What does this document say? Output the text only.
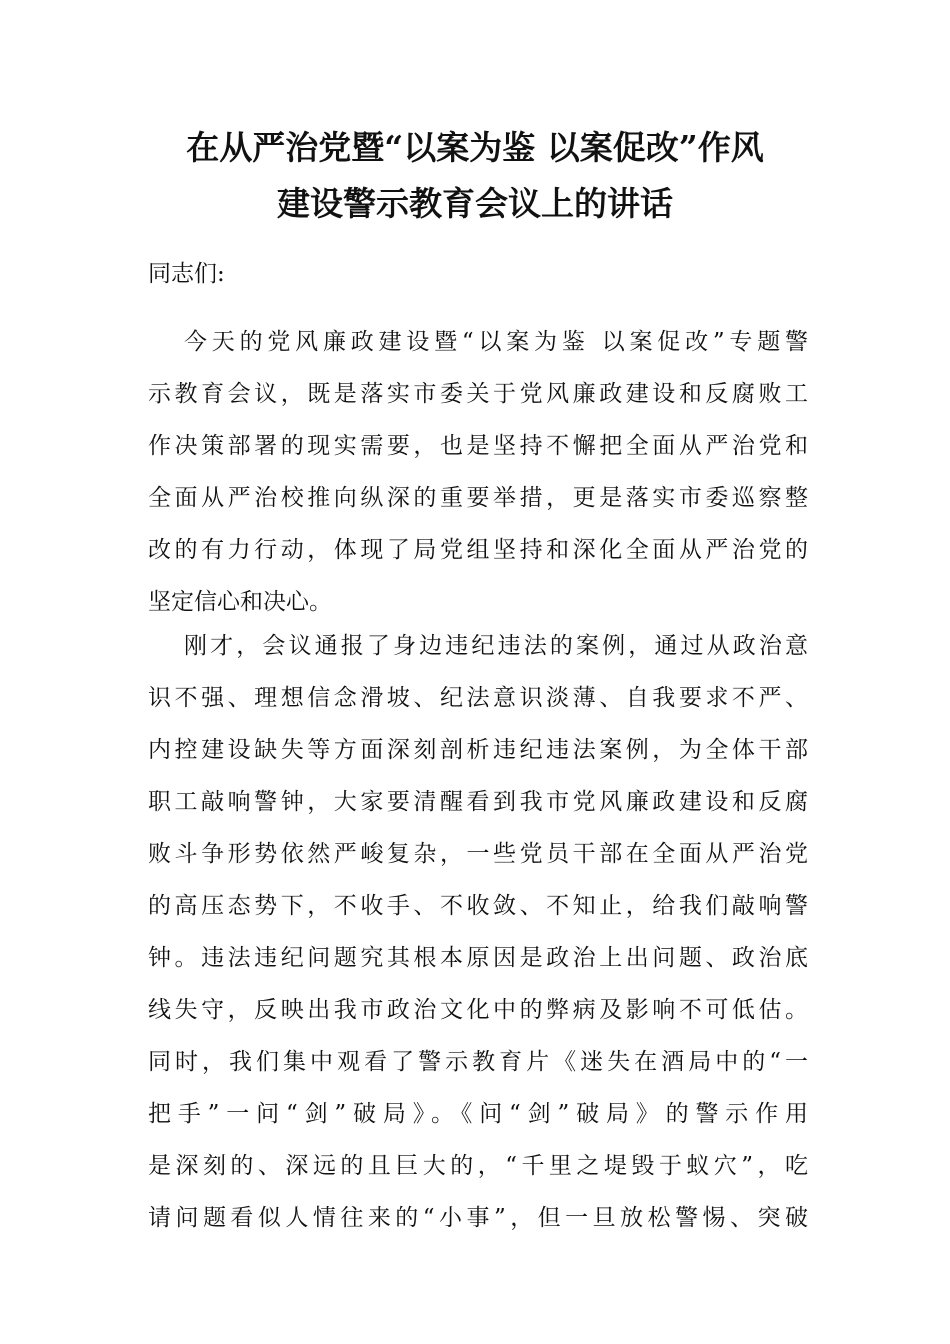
在从严治党暨“以案为鉴 以案促改”作风
建设警示教育会议上的讲话

同志们:

今天的党风廉政建设暨“以案为鉴 以案促改”专题警
示教育会议，既是落实市委关于党风廉政建设和反腐败工
作决策部署的现实需要，也是坚持不懈把全面从严治党和
全面从严治校推向纵深的重要举措，更是落实市委巡察整
改的有力行动，体现了局党组坚持和深化全面从严治党的
坚定信心和决心。
刚才，会议通报了身边违纪违法的案例，通过从政治意
识不强、理想信念滑坡、纪法意识淡薄、自我要求不严、
内控建设缺失等方面深刻剖析违纪违法案例，为全体干部
职工敲响警钟，大家要清醒看到我市党风廉政建设和反腐
败斗争形势依然严峻复杂，一些党员干部在全面从严治党
的高压态势下，不收手、不收敛、不知止，给我们敲响警
钟。违法违纪问题究其根本原因是政治上出问题、政治底
线失守，反映出我市政治文化中的弊病及影响不可低估。
同时，我们集中观看了警示教育片《迷失在酒局中的“一
把手”一问“剑”破局》。《问“剑”破局》的警示作用
是深刻的、深远的且巨大的，“千里之堤毁于蚁穴”，吃
请问题看似人情往来的“小事”，但一旦放松警惕、突破
